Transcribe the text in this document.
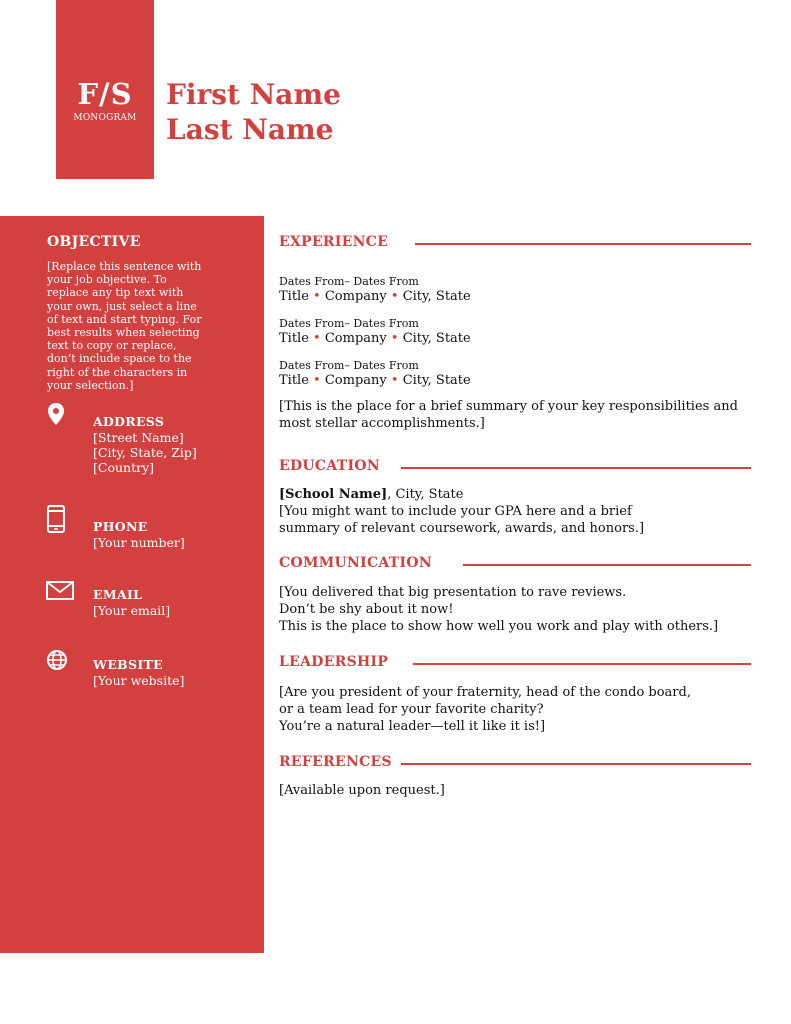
F/S
MONOGRAM
First Name
Last Name
OBJECTIVE
[Replace this sentence with your job objective. To replace any tip text with your own, just select a line of text and start typing. For best results when selecting text to copy or replace, don’t include space to the right of the characters in your selection.]
ADDRESS
[Street Name]
[City, State, Zip]
[Country]
PHONE
[Your number]
EMAIL
[Your email]
WEBSITE
[Your website]
EXPERIENCE
Dates From– Dates From
Title • Company • City, State
Dates From– Dates From
Title • Company • City, State
Dates From– Dates From
Title • Company • City, State
[This is the place for a brief summary of your key responsibilities and
most stellar accomplishments.]
EDUCATION
[School Name], City, State
[You might want to include your GPA here and a brief
summary of relevant coursework, awards, and honors.]
COMMUNICATION
[You delivered that big presentation to rave reviews.
Don’t be shy about it now!
This is the place to show how well you work and play with others.]
LEADERSHIP
[Are you president of your fraternity, head of the condo board,
or a team lead for your favorite charity?
You’re a natural leader—tell it like it is!]
REFERENCES
[Available upon request.]
